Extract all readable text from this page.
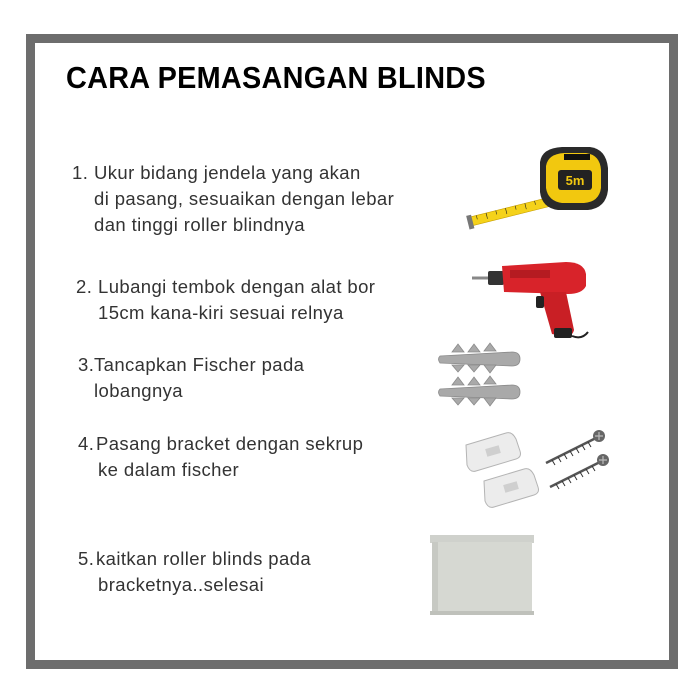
CARA PEMASANGAN BLINDS
1. Ukur bidang jendela yang akan
di pasang, sesuaikan dengan lebar
dan tinggi roller blindnya
2. Lubangi tembok dengan alat bor
15cm kana-kiri sesuai relnya
3. Tancapkan Fischer pada
lobangnya
4. Pasang bracket dengan sekrup
ke dalam fischer
5. kaitkan roller blinds pada
bracketnya..selesai
5m
